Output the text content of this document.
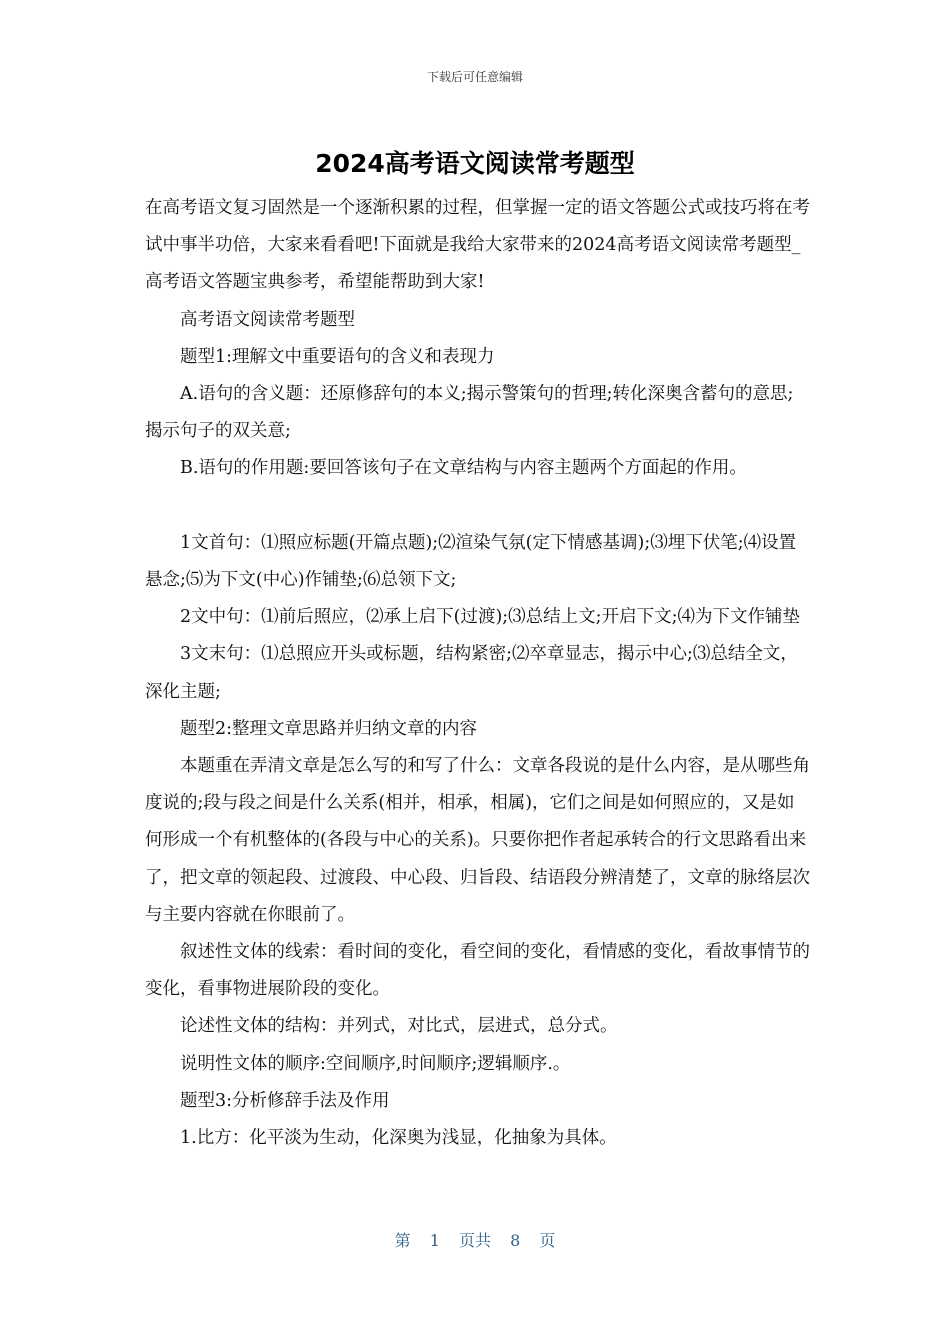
下载后可任意编辑
2024高考语文阅读常考题型

在高考语文复习固然是一个逐渐积累的过程，但掌握一定的语文答题公式或技巧将在考试中事半功倍，大家来看看吧!下面就是我给大家带来的2024高考语文阅读常考题型_高考语文答题宝典参考，希望能帮助到大家!

高考语文阅读常考题型

题型1:理解文中重要语句的含义和表现力

A.语句的含义题：还原修辞句的本义;揭示警策句的哲理;转化深奥含蓄句的意思;揭示句子的双关意;

B.语句的作用题:要回答该句子在文章结构与内容主题两个方面起的作用。

1文首句：⑴照应标题(开篇点题);⑵渲染气氛(定下情感基调);⑶埋下伏笔;⑷设置悬念;⑸为下文(中心)作铺垫;⑹总领下文;

2文中句：⑴前后照应，⑵承上启下(过渡);⑶总结上文;开启下文;⑷为下文作铺垫

3文末句：⑴总照应开头或标题，结构紧密;⑵卒章显志，揭示中心;⑶总结全文，深化主题;

题型2:整理文章思路并归纳文章的内容

本题重在弄清文章是怎么写的和写了什么：文章各段说的是什么内容，是从哪些角度说的;段与段之间是什么关系(相并，相承，相属)，它们之间是如何照应的，又是如何形成一个有机整体的(各段与中心的关系)。只要你把作者起承转合的行文思路看出来了，把文章的领起段、过渡段、中心段、归旨段、结语段分辨清楚了，文章的脉络层次与主要内容就在你眼前了。

叙述性文体的线索：看时间的变化，看空间的变化，看情感的变化，看故事情节的变化，看事物进展阶段的变化。

论述性文体的结构：并列式，对比式，层进式，总分式。

说明性文体的顺序:空间顺序,时间顺序;逻辑顺序.。

题型3:分析修辞手法及作用

1.比方：化平淡为生动，化深奥为浅显，化抽象为具体。

第 1 页共 8 页
